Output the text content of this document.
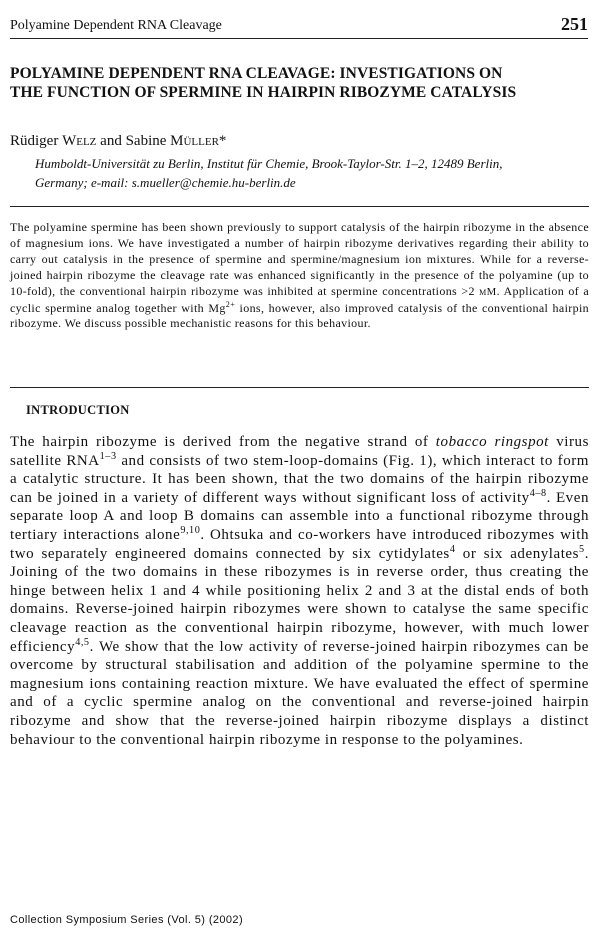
Polyamine Dependent RNA Cleavage	251
POLYAMINE DEPENDENT RNA CLEAVAGE: INVESTIGATIONS ON
THE FUNCTION OF SPERMINE IN HAIRPIN RIBOZYME CATALYSIS
Rüdiger Welz and Sabine Müller*
Humboldt-Universität zu Berlin, Institut für Chemie, Brook-Taylor-Str. 1–2, 12489 Berlin,
Germany; e-mail: s.mueller@chemie.hu-berlin.de
The polyamine spermine has been shown previously to support catalysis of the hairpin ribozyme in the absence of magnesium ions. We have investigated a number of hairpin ribozyme derivatives regarding their ability to carry out catalysis in the presence of spermine and spermine/magnesium ion mixtures. While for a reverse-joined hairpin ribozyme the cleavage rate was enhanced significantly in the presence of the polyamine (up to 10-fold), the conventional hairpin ribozyme was inhibited at spermine concentrations >2 mM. Application of a cyclic spermine analog together with $Mg^{2+}$ ions, however, also improved catalysis of the conventional hairpin ribozyme. We discuss possible mechanistic reasons for this behaviour.
INTRODUCTION
The hairpin ribozyme is derived from the negative strand of tobacco ringspot virus satellite RNA$^{1-3}$ and consists of two stem-loop-domains (Fig. 1), which interact to form a catalytic structure. It has been shown, that the two domains of the hairpin ribozyme can be joined in a variety of different ways without significant loss of activity$^{4-8}$. Even separate loop A and loop B domains can assemble into a functional ribozyme through tertiary interactions alone$^{9,10}$. Ohtsuka and co-workers have introduced ribozymes with two separately engineered domains connected by six cytidylates$^4$ or six adenylates$^5$. Joining of the two domains in these ribozymes is in reverse order, thus creating the hinge between helix 1 and 4 while positioning helix 2 and 3 at the distal ends of both domains. Reverse-joined hairpin ribozymes were shown to catalyse the same specific cleavage reaction as the conventional hairpin ribozyme, however, with much lower efficiency$^{4,5}$. We show that the low activity of reverse-joined hairpin ribozymes can be overcome by structural stabilisation and addition of the polyamine spermine to the magnesium ions containing reaction mixture. We have evaluated the effect of spermine and of a cyclic spermine analog on the conventional and reverse-joined hairpin ribozyme and show that the reverse-joined hairpin ribozyme displays a distinct behaviour to the conventional hairpin ribozyme in response to the polyamines.
Collection Symposium Series (Vol. 5) (2002)
